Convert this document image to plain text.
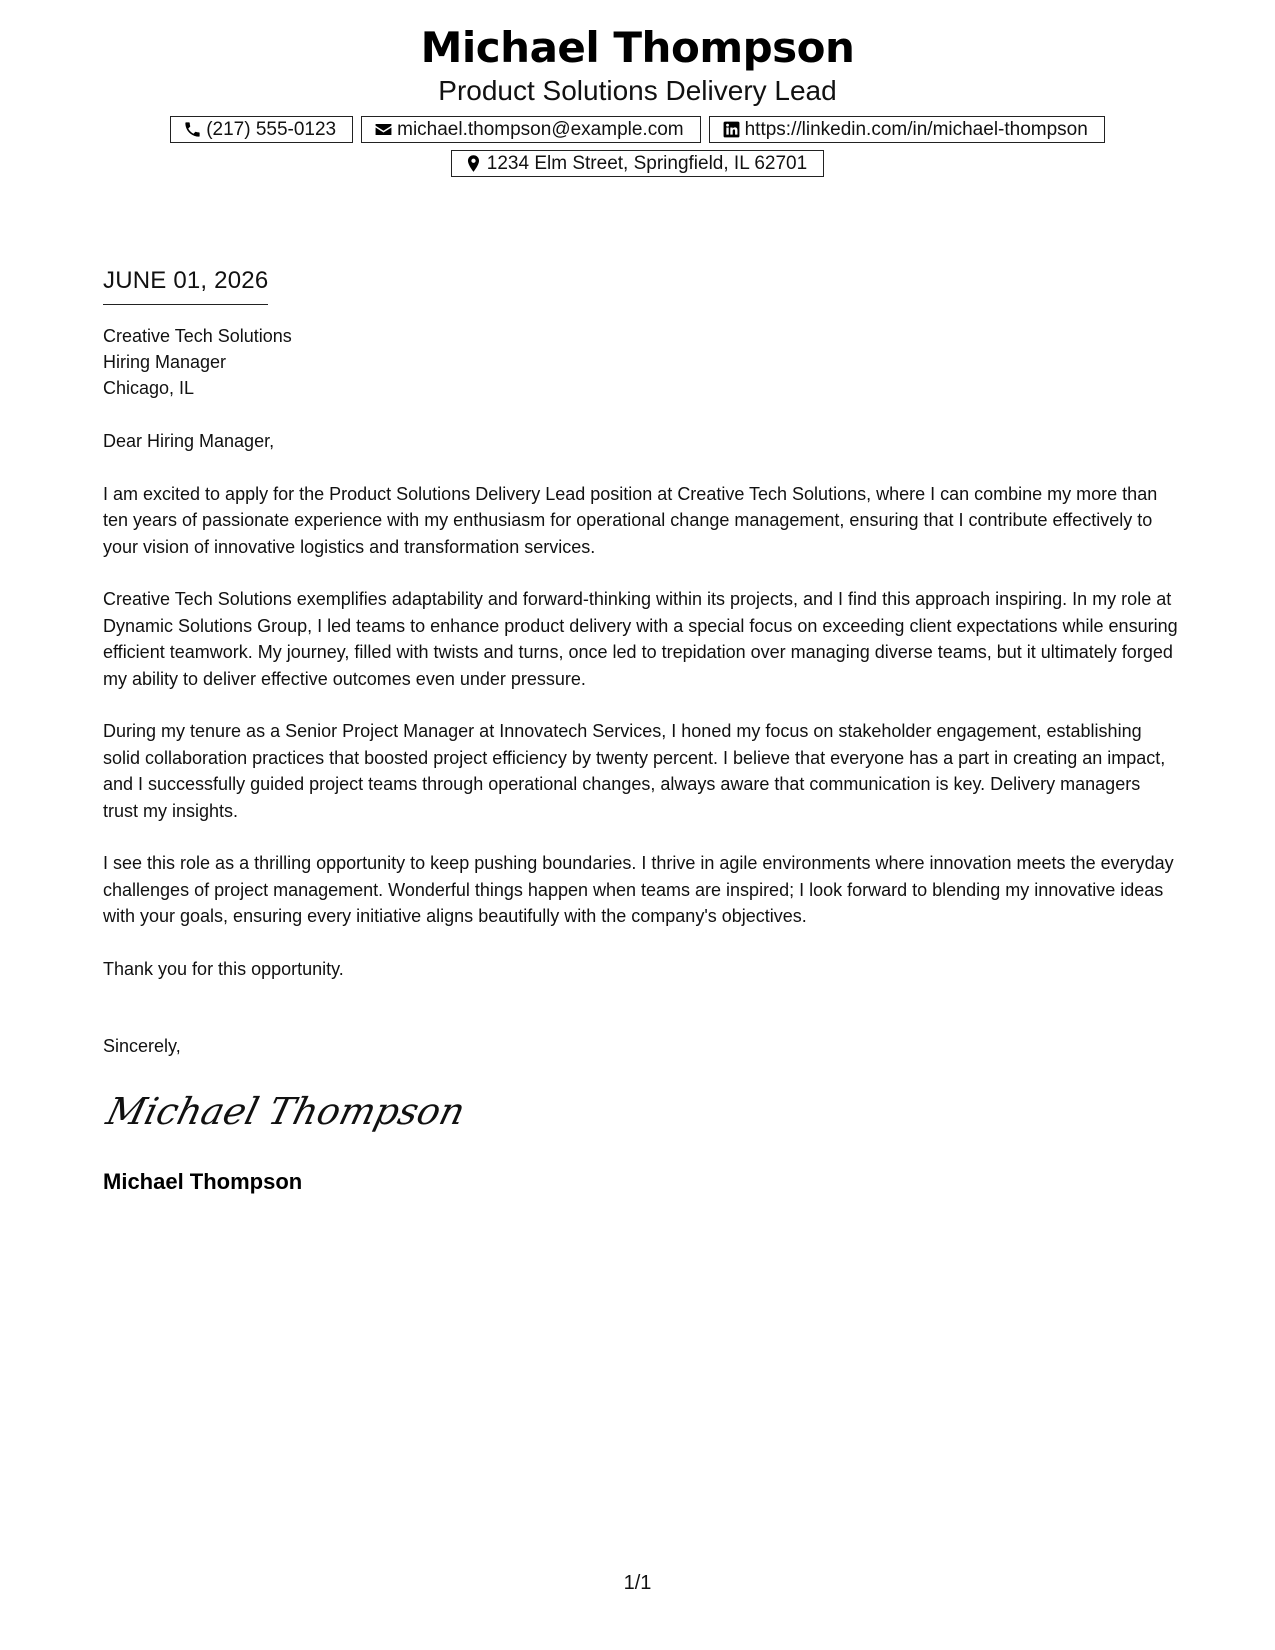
Michael Thompson
Product Solutions Delivery Lead
(217) 555-0123	michael.thompson@example.com	https://linkedin.com/in/michael-thompson
1234 Elm Street, Springfield, IL 62701
JUNE 01, 2026
Creative Tech Solutions
Hiring Manager
Chicago, IL
Dear Hiring Manager,
I am excited to apply for the Product Solutions Delivery Lead position at Creative Tech Solutions, where I can combine my more than ten years of passionate experience with my enthusiasm for operational change management, ensuring that I contribute effectively to your vision of innovative logistics and transformation services.
Creative Tech Solutions exemplifies adaptability and forward-thinking within its projects, and I find this approach inspiring. In my role at Dynamic Solutions Group, I led teams to enhance product delivery with a special focus on exceeding client expectations while ensuring efficient teamwork. My journey, filled with twists and turns, once led to trepidation over managing diverse teams, but it ultimately forged my ability to deliver effective outcomes even under pressure.
During my tenure as a Senior Project Manager at Innovatech Services, I honed my focus on stakeholder engagement, establishing solid collaboration practices that boosted project efficiency by twenty percent. I believe that everyone has a part in creating an impact, and I successfully guided project teams through operational changes, always aware that communication is key. Delivery managers trust my insights.
I see this role as a thrilling opportunity to keep pushing boundaries. I thrive in agile environments where innovation meets the everyday challenges of project management. Wonderful things happen when teams are inspired; I look forward to blending my innovative ideas with your goals, ensuring every initiative aligns beautifully with the company's objectives.
Thank you for this opportunity.
Sincerely,
Michael Thompson
Michael Thompson
1/1
